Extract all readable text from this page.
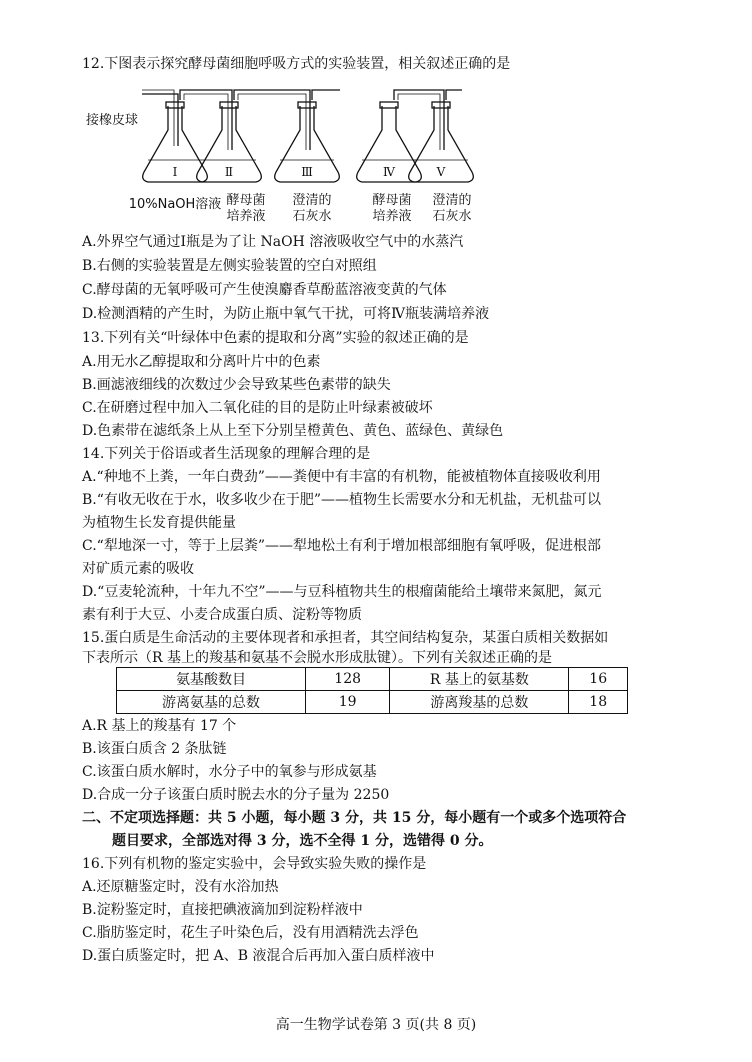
12.下图表示探究酵母菌细胞呼吸方式的实验装置，相关叙述正确的是
接橡皮球
Ⅰ	Ⅱ	Ⅲ	Ⅳ	Ⅴ
10%NaOH溶液 酵母菌
培养液
澄清的
石灰水
酵母菌
培养液
澄清的
石灰水
A.外界空气通过Ⅰ瓶是为了让 NaOH 溶液吸收空气中的水蒸汽
B.右侧的实验装置是左侧实验装置的空白对照组
C.酵母菌的无氧呼吸可产生使溴麝香草酚蓝溶液变黄的气体
D.检测酒精的产生时，为防止瓶中氧气干扰，可将Ⅳ瓶装满培养液
13.下列有关“叶绿体中色素的提取和分离”实验的叙述正确的是
A.用无水乙醇提取和分离叶片中的色素
B.画滤液细线的次数过少会导致某些色素带的缺失
C.在研磨过程中加入二氧化硅的目的是防止叶绿素被破坏
D.色素带在滤纸条上从上至下分别呈橙黄色、黄色、蓝绿色、黄绿色
14.下列关于俗语或者生活现象的理解合理的是
A.“种地不上粪，一年白费劲”——粪便中有丰富的有机物，能被植物体直接吸收利用
B.“有收无收在于水，收多收少在于肥”——植物生长需要水分和无机盐，无机盐可以
为植物生长发育提供能量
C.“犁地深一寸，等于上层粪”——犁地松土有利于增加根部细胞有氧呼吸，促进根部
对矿质元素的吸收
D.“豆麦轮流种，十年九不空”——与豆科植物共生的根瘤菌能给土壤带来氮肥，氮元
素有利于大豆、小麦合成蛋白质、淀粉等物质
15.蛋白质是生命活动的主要体现者和承担者，其空间结构复杂，某蛋白质相关数据如
下表所示（R 基上的羧基和氨基不会脱水形成肽键）。下列有关叙述正确的是
氨基酸数目	128	R 基上的氨基数	16
游离氨基的总数	19	游离羧基的总数	18
A.R 基上的羧基有 17 个
B.该蛋白质含 2 条肽链
C.该蛋白质水解时，水分子中的氧参与形成氨基
D.合成一分子该蛋白质时脱去水的分子量为 2250
二、不定项选择题：共 5 小题，每小题 3 分，共 15 分，每小题有一个或多个选项符合
题目要求，全部选对得 3 分，选不全得 1 分，选错得 0 分。
16.下列有机物的鉴定实验中，会导致实验失败的操作是
A.还原糖鉴定时，没有水浴加热
B.淀粉鉴定时，直接把碘液滴加到淀粉样液中
C.脂肪鉴定时，花生子叶染色后，没有用酒精洗去浮色
D.蛋白质鉴定时，把 A、B 液混合后再加入蛋白质样液中
高一生物学试卷第 3 页(共 8 页)
